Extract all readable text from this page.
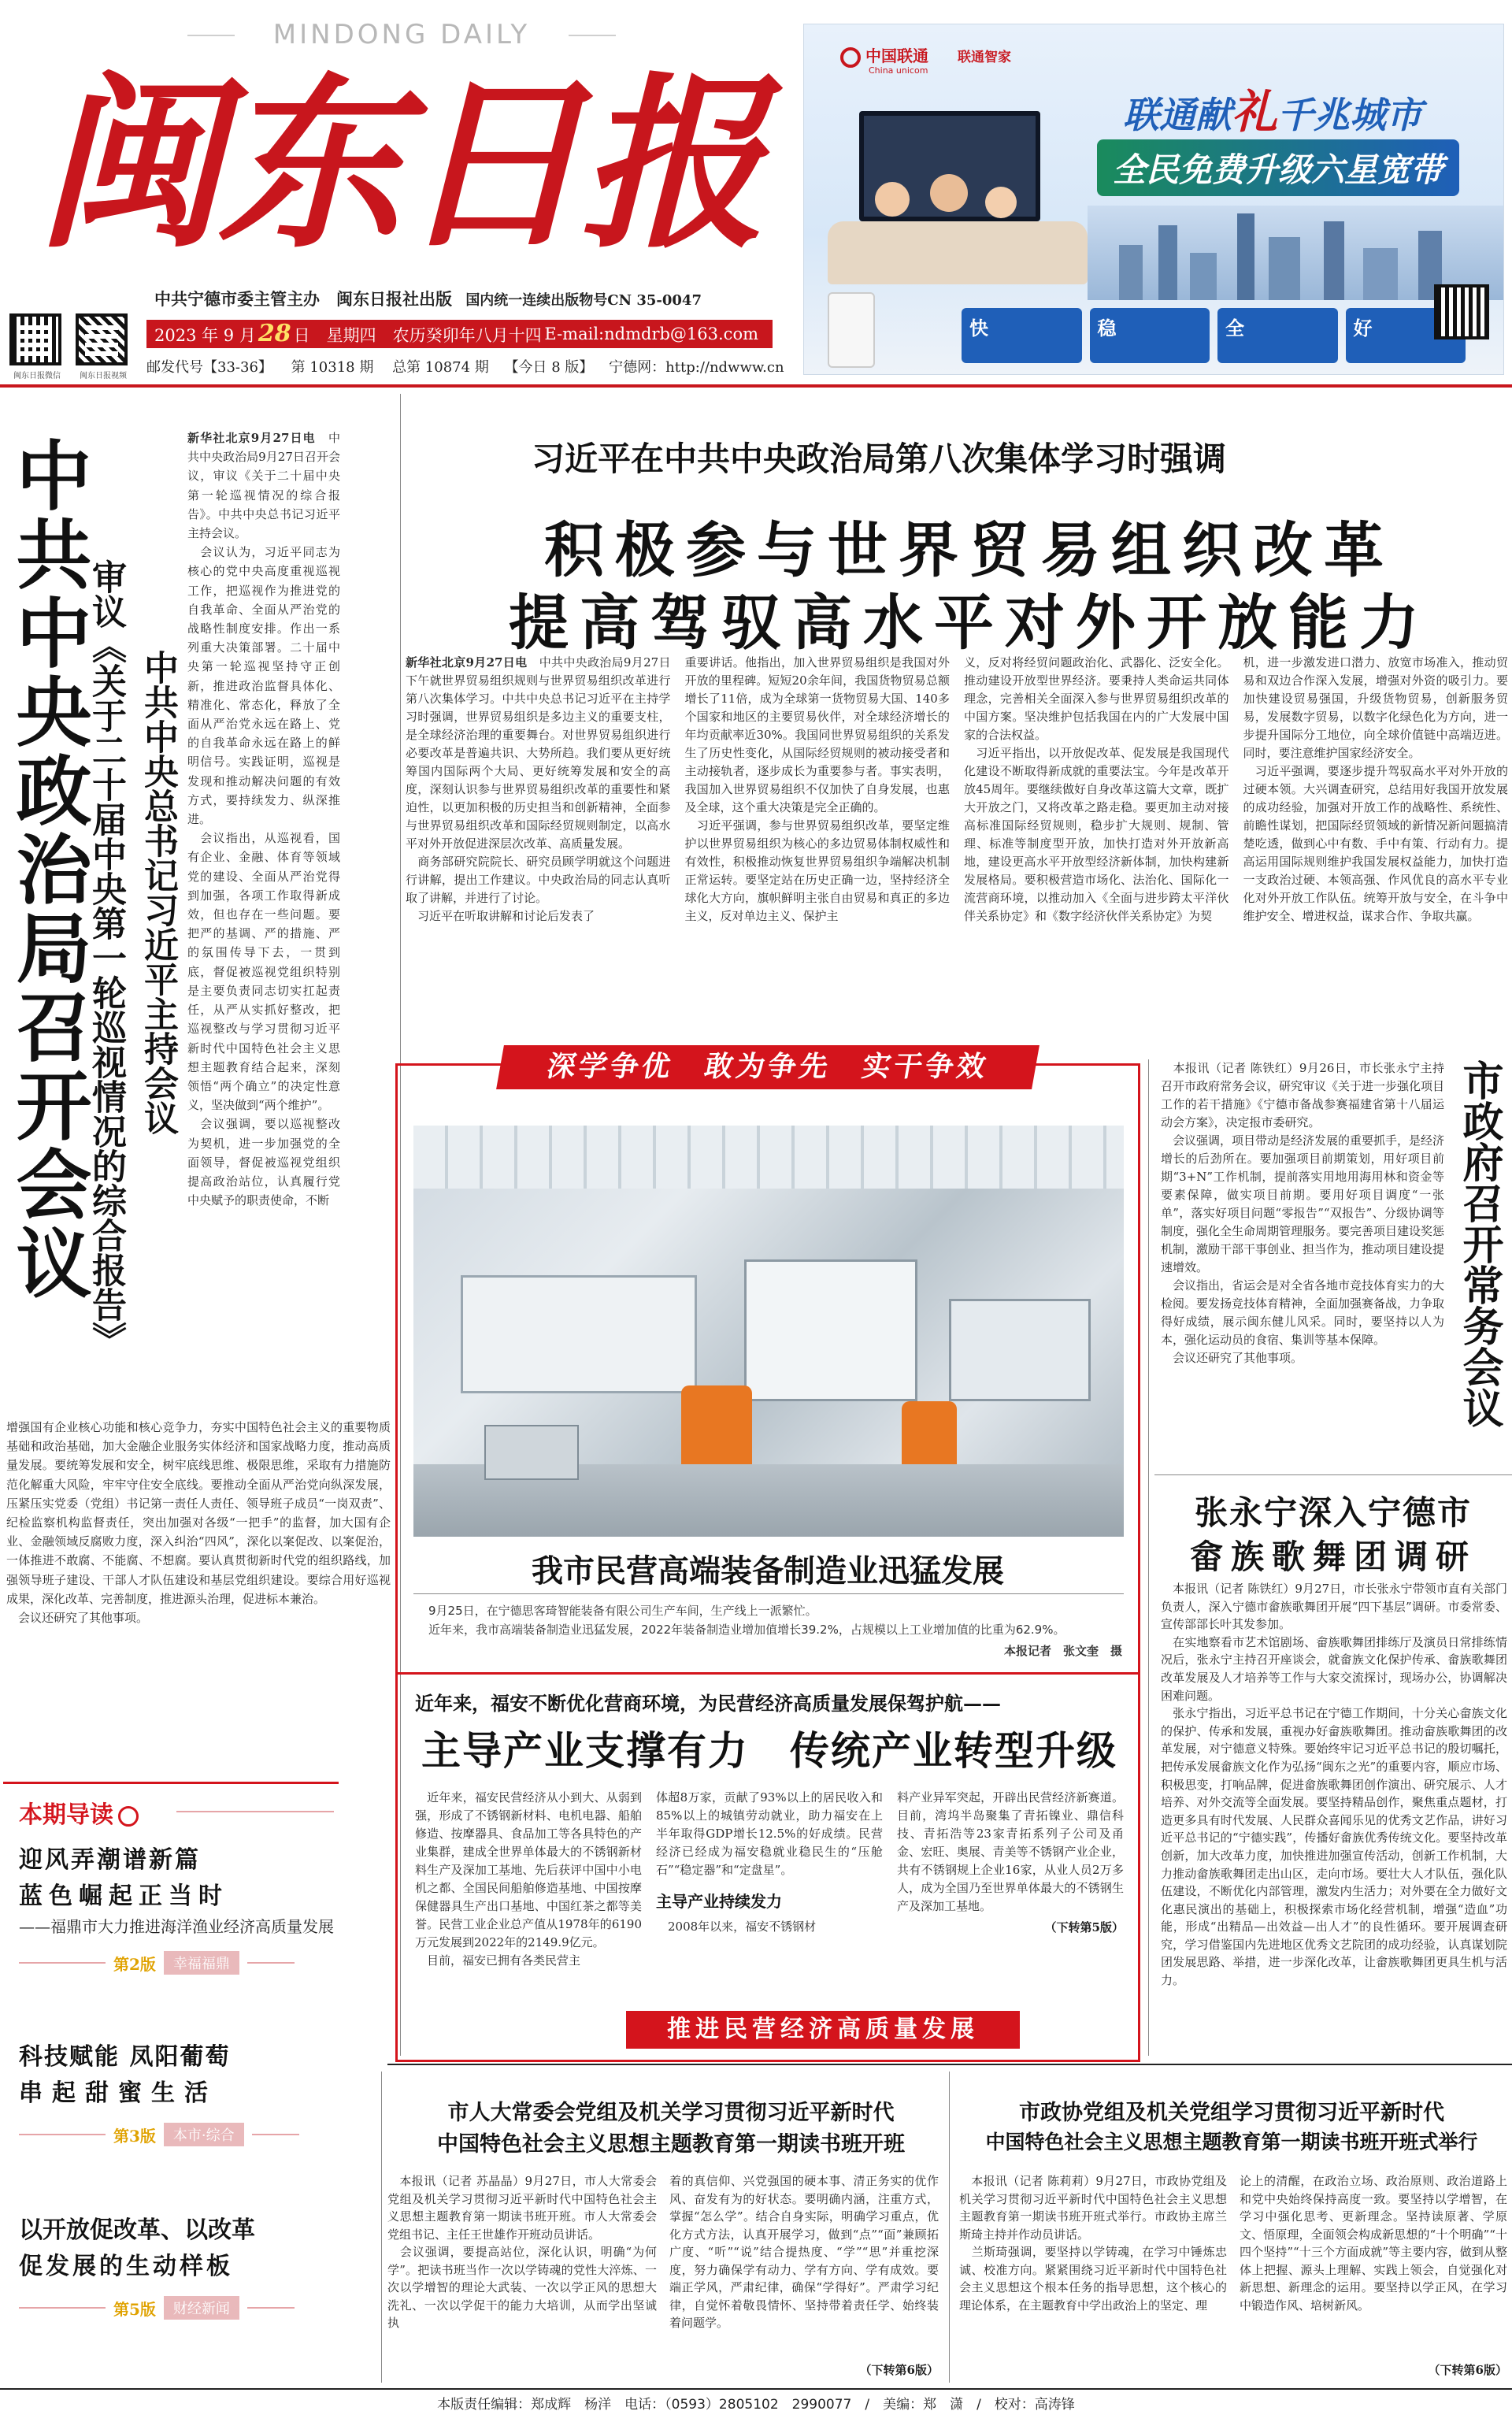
MINDONG DAILY
闽东日报
中共宁德市委主管主办　闽东日报社出版 国内统一连续出版物号CN 35-0047
2023 年 9 月 28 日　星期四　农历癸卯年八月十四 E-mail:ndmdrb@163.com
邮发代号【33-36】 第 10318 期 总第 10874 期 【今日 8 版】 宁德网：http://ndwww.cn
闽东日报微信	闽东日报视频
中国联通 联通智家
China unicom
联通献礼千兆城市
全民免费升级六星宽带
快	稳	全	好
中共中央政治局召开会议
审议《关于二十届中央第一轮巡视情况的综合报告》 中共中央总书记习近平主持会议
新华社北京9月27日电　中共中央政治局9月27日召开会议，审议《关于二十届中央第一轮巡视情况的综合报告》。中共中央总书记习近平主持会议。
　会议认为，习近平同志为核心的党中央高度重视巡视工作，把巡视作为推进党的自我革命、全面从严治党的战略性制度安排。作出一系列重大决策部署。二十届中央第一轮巡视坚持守正创新，推进政治监督具体化、精准化、常态化，释放了全面从严治党永远在路上、党的自我革命永远在路上的鲜明信号。实践证明，巡视是发现和推动解决问题的有效方式，要持续发力、纵深推进。
　会议指出，从巡视看，国有企业、金融、体育等领域党的建设、全面从严治党得到加强，各项工作取得新成效，但也存在一些问题。要把严的基调、严的措施、严的氛围传导下去，一贯到底，督促被巡视党组织特别是主要负责同志切实扛起责任，从严从实抓好整改，把巡视整改与学习贯彻习近平新时代中国特色社会主义思想主题教育结合起来，深刻领悟“两个确立”的决定性意义，坚决做到“两个维护”。
　会议强调，要以巡视整改为契机，进一步加强党的全面领导，督促被巡视党组织提高政治站位，认真履行党中央赋予的职责使命，不断
增强国有企业核心功能和核心竞争力，夯实中国特色社会主义的重要物质基础和政治基础，加大金融企业服务实体经济和国家战略力度，推动高质量发展。要统筹发展和安全，树牢底线思维、极限思维，采取有力措施防范化解重大风险，牢牢守住安全底线。要推动全面从严治党向纵深发展，压紧压实党委（党组）书记第一责任人责任、领导班子成员“一岗双责”、纪检监察机构监督责任，突出加强对各级“一把手”的监督，加大国有企业、金融领域反腐败力度，深入纠治“四风”，深化以案促改、以案促治，一体推进不敢腐、不能腐、不想腐。要认真贯彻新时代党的组织路线，加强领导班子建设、干部人才队伍建设和基层党组织建设。要综合用好巡视成果，深化改革、完善制度，推进源头治理，促进标本兼治。
　会议还研究了其他事项。
习近平在中共中央政治局第八次集体学习时强调
积极参与世界贸易组织改革
提高驾驭高水平对外开放能力
新华社北京9月27日电　中共中央政治局9月27日下午就世界贸易组织规则与世界贸易组织改革进行第八次集体学习。中共中央总书记习近平在主持学习时强调，世界贸易组织是多边主义的重要支柱，是全球经济治理的重要舞台。对世界贸易组织进行必要改革是普遍共识、大势所趋。我们要从更好统筹国内国际两个大局、更好统筹发展和安全的高度，深刻认识参与世界贸易组织改革的重要性和紧迫性，以更加积极的历史担当和创新精神，全面参与世界贸易组织改革和国际经贸规则制定，以高水平对外开放促进深层次改革、高质量发展。
　商务部研究院院长、研究员顾学明就这个问题进行讲解，提出工作建议。中央政治局的同志认真听取了讲解，并进行了讨论。
　习近平在听取讲解和讨论后发表了
重要讲话。他指出，加入世界贸易组织是我国对外开放的里程碑。短短20余年间，我国货物贸易总额增长了11倍，成为全球第一货物贸易大国、140多个国家和地区的主要贸易伙伴，对全球经济增长的年均贡献率近30%。我国同世界贸易组织的关系发生了历史性变化，从国际经贸规则的被动接受者和主动接轨者，逐步成长为重要参与者。事实表明，我国加入世界贸易组织不仅加快了自身发展，也惠及全球，这个重大决策是完全正确的。
　习近平强调，参与世界贸易组织改革，要坚定维护以世界贸易组织为核心的多边贸易体制权威性和有效性，积极推动恢复世界贸易组织争端解决机制正常运转。要坚定站在历史正确一边，坚持经济全球化大方向，旗帜鲜明主张自由贸易和真正的多边主义，反对单边主义、保护主
义，反对将经贸问题政治化、武器化、泛安全化。推动建设开放型世界经济。要秉持人类命运共同体理念，完善相关全面深入参与世界贸易组织改革的中国方案。坚决维护包括我国在内的广大发展中国家的合法权益。
　习近平指出，以开放促改革、促发展是我国现代化建设不断取得新成就的重要法宝。今年是改革开放45周年。要继续做好自身改革这篇大文章，既扩大开放之门，又将改革之路走稳。要更加主动对接高标准国际经贸规则，稳步扩大规则、规制、管理、标准等制度型开放，加快打造对外开放新高地，建设更高水平开放型经济新体制，加快构建新发展格局。要积极营造市场化、法治化、国际化一流营商环境，以推动加入《全面与进步跨太平洋伙伴关系协定》和《数字经济伙伴关系协定》为契
机，进一步激发进口潜力、放宽市场准入，推动贸易和双边合作深入发展，增强对外资的吸引力。要加快建设贸易强国，升级货物贸易，创新服务贸易，发展数字贸易，以数字化绿色化为方向，进一步提升国际分工地位，向全球价值链中高端迈进。同时，要注意维护国家经济安全。
　习近平强调，要逐步提升驾驭高水平对外开放的过硬本领。大兴调查研究，总结用好我国开放发展的成功经验，加强对开放工作的战略性、系统性、前瞻性谋划，把国际经贸领域的新情况新问题搞清楚吃透，做到心中有数、手中有策、行动有力。提高运用国际规则维护我国发展权益能力，加快打造一支政治过硬、本领高强、作风优良的高水平专业化对外开放工作队伍。统筹开放与安全，在斗争中维护安全、增进权益，谋求合作、争取共赢。
深学争优　敢为争先　实干争效
我市民营高端装备制造业迅猛发展
　9月25日，在宁德思客琦智能装备有限公司生产车间，生产线上一派繁忙。
　近年来，我市高端装备制造业迅猛发展，2022年装备制造业增加值增长39.2%，占规模以上工业增加值的比重为62.9%。
本报记者　张文奎　摄
近年来，福安不断优化营商环境，为民营经济高质量发展保驾护航——
主导产业支撑有力　传统产业转型升级
　近年来，福安民营经济从小到大、从弱到强，形成了不锈钢新材料、电机电器、船舶修造、按摩器具、食品加工等各具特色的产业集群，建成全世界单体最大的不锈钢新材料生产及深加工基地、先后获评中国中小电机之都、全国民间船舶修造基地、中国按摩保健器具生产出口基地、中国红茶之都等美誉。民营工业企业总产值从1978年的6190万元发展到2022年的2149.9亿元。
　目前，福安已拥有各类民营主
体超8万家，贡献了93%以上的居民收入和85%以上的城镇劳动就业，助力福安在上半年取得GDP增长12.5%的好成绩。民营经济已经成为福安稳就业稳民生的“压舱石”“稳定器”和“定盘星”。
主导产业持续发力
　2008年以来，福安不锈钢材
料产业异军突起，开辟出民营经济新赛道。目前，湾坞半岛聚集了青拓镍业、鼎信科技、青拓浩等23家青拓系列子公司及甬金、宏旺、奥展、青美等不锈钢产业企业，共有不锈钢规上企业16家，从业人员2万多人，成为全国乃至世界单体最大的不锈钢生产及深加工基地。
（下转第5版）
推进民营经济高质量发展
市政府召开常务会议
　本报讯（记者 陈铁红）9月26日，市长张永宁主持召开市政府常务会议，研究审议《关于进一步强化项目工作的若干措施》《宁德市备战参赛福建省第十八届运动会方案》，决定报市委研究。
　会议强调，项目带动是经济发展的重要抓手，是经济增长的后劲所在。要加强项目前期策划，用好项目前期“3+N”工作机制，提前落实用地用海用林和资金等要素保障，做实项目前期。要用好项目调度“一张单”，落实好项目问题“零报告”“双报告”、分级协调等制度，强化全生命周期管理服务。要完善项目建设奖惩机制，激励干部干事创业、担当作为，推动项目建设提速增效。
　会议指出，省运会是对全省各地市竞技体育实力的大检阅。要发扬竞技体育精神，全面加强赛备战，力争取得好成绩，展示闽东健儿风采。同时，要坚持以人为本，强化运动员的食宿、集训等基本保障。
　会议还研究了其他事项。
张永宁深入宁德市
畲族歌舞团调研
　本报讯（记者 陈铁红）9月27日，市长张永宁带领市直有关部门负责人，深入宁德市畲族歌舞团开展“四下基层”调研。市委常委、宣传部部长叶其发参加。
　在实地察看市艺术馆剧场、畲族歌舞团排练厅及演员日常排练情况后，张永宁主持召开座谈会，就畲族文化保护传承、畲族歌舞团改革发展及人才培养等工作与大家交流探讨，现场办公，协调解决困难问题。
　张永宁指出，习近平总书记在宁德工作期间，十分关心畲族文化的保护、传承和发展，重视办好畲族歌舞团。推动畲族歌舞团的改革发展，对宁德意义特殊。要始终牢记习近平总书记的殷切嘱托，把传承发展畲族文化作为弘扬“闽东之光”的重要内容，顺应市场、积极思变，打响品牌，促进畲族歌舞团创作演出、研究展示、人才培养、对外交流等全面发展。要坚持精品创作，聚焦重点题材，打造更多具有时代发展、人民群众喜闻乐见的优秀文艺作品，讲好习近平总书记的“宁德实践”，传播好畲族优秀传统文化。要坚持改革创新，加大改革力度，加快推进加强宣传活动，创新工作机制，大力推动畲族歌舞团走出山区，走向市场。要壮大人才队伍，强化队伍建设，不断优化内部管理，激发内生活力；对外要在全力做好文化惠民演出的基础上，积极探索市场化经营机制，增强“造血”功能，形成“出精品—出效益—出人才”的良性循环。要开展调查研究，学习借鉴国内先进地区优秀文艺院团的成功经验，认真谋划院团发展思路、举措，进一步深化改革，让畲族歌舞团更具生机与活力。
本期导读
迎风弄潮谱新篇
蓝色崛起正当时
——福鼎市大力推进海洋渔业经济高质量发展
第2版	幸福福鼎
科技赋能 凤阳葡萄
串起甜蜜生活
第3版	本市·综合
以开放促改革、以改革
促发展的生动样板
第5版	财经新闻
市人大常委会党组及机关学习贯彻习近平新时代
中国特色社会主义思想主题教育第一期读书班开班
　本报讯（记者 苏晶晶）9月27日，市人大常委会党组及机关学习贯彻习近平新时代中国特色社会主义思想主题教育第一期读书班开班。市人大常委会党组书记、主任王世雄作开班动员讲话。
　会议强调，要提高站位，深化认识，明确“为何学”。把读书班当作一次以学铸魂的党性大淬炼、一次以学增智的理论大武装、一次以学正风的思想大洗礼、一次以学促干的能力大培训，从而学出坚诚执
着的真信仰、兴党强国的硬本事、清正务实的优作风、奋发有为的好状态。要明确内涵，注重方式，掌握“怎么学”。结合自身实际，明确学习重点，优化方式方法，认真开展学习，做到“点”“面”兼顾拓广度、“听”“说”结合提热度、“学”“思”并重挖深度，努力确保学有动力、学有方向、学有成效。要端正学风，严肃纪律，确保“学得好”。严肃学习纪律，自觉怀着敬畏情怀、坚持带着责任学、始终装着问题学。
（下转第6版）
市政协党组及机关党组学习贯彻习近平新时代
中国特色社会主义思想主题教育第一期读书班开班式举行
　本报讯（记者 陈莉莉）9月27日，市政协党组及机关学习贯彻习近平新时代中国特色社会主义思想主题教育第一期读书班开班式举行。市政协主席兰斯琦主持并作动员讲话。
　兰斯琦强调，要坚持以学铸魂，在学习中锤炼忠诚、校准方向。紧紧围绕习近平新时代中国特色社会主义思想这个根本任务的指导思想，这个核心的理论体系，在主题教育中学出政治上的坚定、理
论上的清醒，在政治立场、政治原则、政治道路上和党中央始终保持高度一致。要坚持以学增智，在学习中强化思考、更新理念。坚持读原著、学原文、悟原理，全面领会构成新思想的“十个明确”“十四个坚持”“十三个方面成就”等主要内容，做到从整体上把握、源头上理解、实践上领会，自觉强化对新思想、新理念的运用。要坚持以学正风，在学习中锻造作风、培树新风。
（下转第6版）
本版责任编辑：郑成辉　杨洋　电话：（0593）2805102　2990077　/　美编：郑　潇　/　校对：高涛锋
